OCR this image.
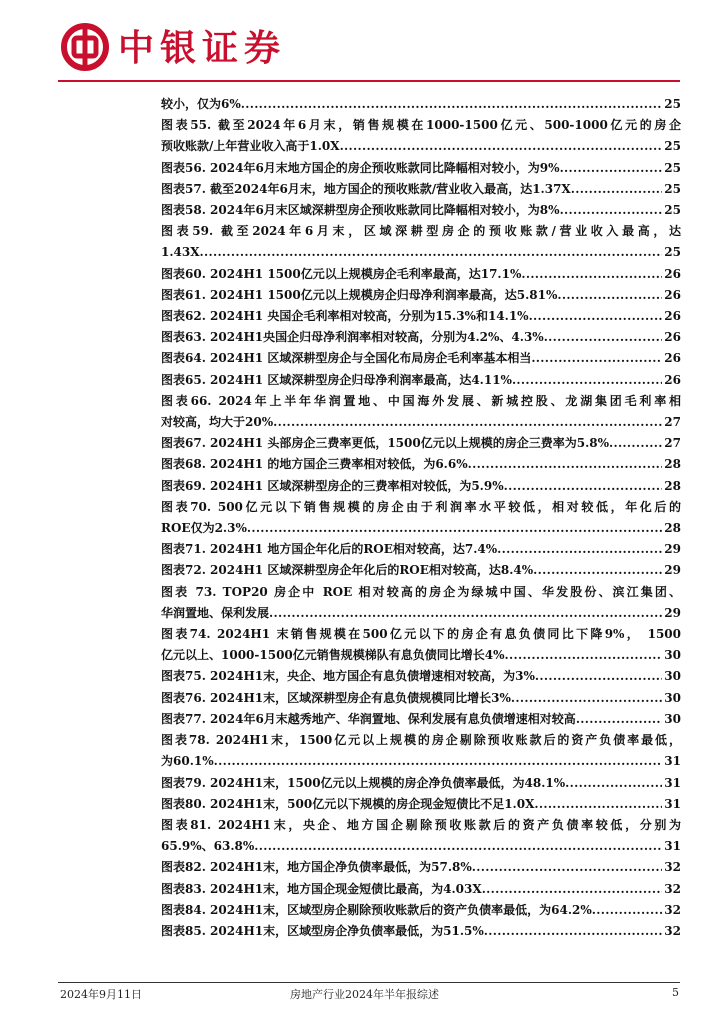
中银证券
较小，仅为6% .....	25
图表55. 截至2024年6月末，销售规模在1000-1500亿元、500-1000亿元的房企
预收账款/上年营业收入高于1.0X .....	25
图表56. 2024年6月末地方国企的房企预收账款同比降幅相对较小，为9% .....	25
图表57. 截至2024年6月末，地方国企的预收账款/营业收入最高，达1.37X .....	25
图表58. 2024年6月末区域深耕型房企预收账款同比降幅相对较小，为8% .....	25
图表59. 截至2024年6月末，区域深耕型房企的预收账款/营业收入最高，达
1.43X .....	25
图表60. 2024H1 1500亿元以上规模房企毛利率最高，达17.1% .....	26
图表61. 2024H1 1500亿元以上规模房企归母净利润率最高，达5.81% .....	26
图表62. 2024H1 央国企毛利率相对较高，分别为15.3%和14.1% .....	26
图表63. 2024H1央国企归母净利润率相对较高，分别为4.2%、4.3% .....	26
图表64. 2024H1 区域深耕型房企与全国化布局房企毛利率基本相当 .....	26
图表65. 2024H1 区域深耕型房企归母净利润率最高，达4.11% .....	26
图表66. 2024年上半年华润置地、中国海外发展、新城控股、龙湖集团毛利率相
对较高，均大于20% .....	27
图表67. 2024H1 头部房企三费率更低，1500亿元以上规模的房企三费率为5.8% .....	27
图表68. 2024H1 的地方国企三费率相对较低，为6.6% .....	28
图表69. 2024H1 区域深耕型房企的三费率相对较低，为5.9% .....	28
图表70. 500亿元以下销售规模的房企由于利润率水平较低，相对较低，年化后的
ROE仅为2.3% .....	28
图表71. 2024H1 地方国企年化后的ROE相对较高，达7.4% .....	29
图表72. 2024H1 区域深耕型房企年化后的ROE相对较高，达8.4% .....	29
图表 73. TOP20 房企中 ROE 相对较高的房企为绿城中国、华发股份、滨江集团、
华润置地、保利发展 .....	29
图表74. 2024H1 末销售规模在500亿元以下的房企有息负债同比下降9%， 1500
亿元以上、1000-1500亿元销售规模梯队有息负债同比增长4% .....	30
图表75. 2024H1末，央企、地方国企有息负债增速相对较高，为3% .....	30
图表76. 2024H1末，区域深耕型房企有息负债规模同比增长3% .....	30
图表77. 2024年6月末越秀地产、华润置地、保利发展有息负债增速相对较高 .....	30
图表78. 2024H1末，1500亿元以上规模的房企剔除预收账款后的资产负债率最低，
为60.1% .....	31
图表79. 2024H1末，1500亿元以上规模的房企净负债率最低，为48.1% .....	31
图表80. 2024H1末，500亿元以下规模的房企现金短债比不足1.0X .....	31
图表81. 2024H1末，央企、地方国企剔除预收账款后的资产负债率较低，分别为
65.9%、63.8% .....	31
图表82. 2024H1末，地方国企净负债率最低，为57.8% .....	32
图表83. 2024H1末，地方国企现金短债比最高，为4.03X .....	32
图表84. 2024H1末，区域型房企剔除预收账款后的资产负债率最低，为64.2% .....	32
图表85. 2024H1末，区域型房企净负债率最低，为51.5% .....	32
2024年9月11日	房地产行业2024年半年报综述	5
